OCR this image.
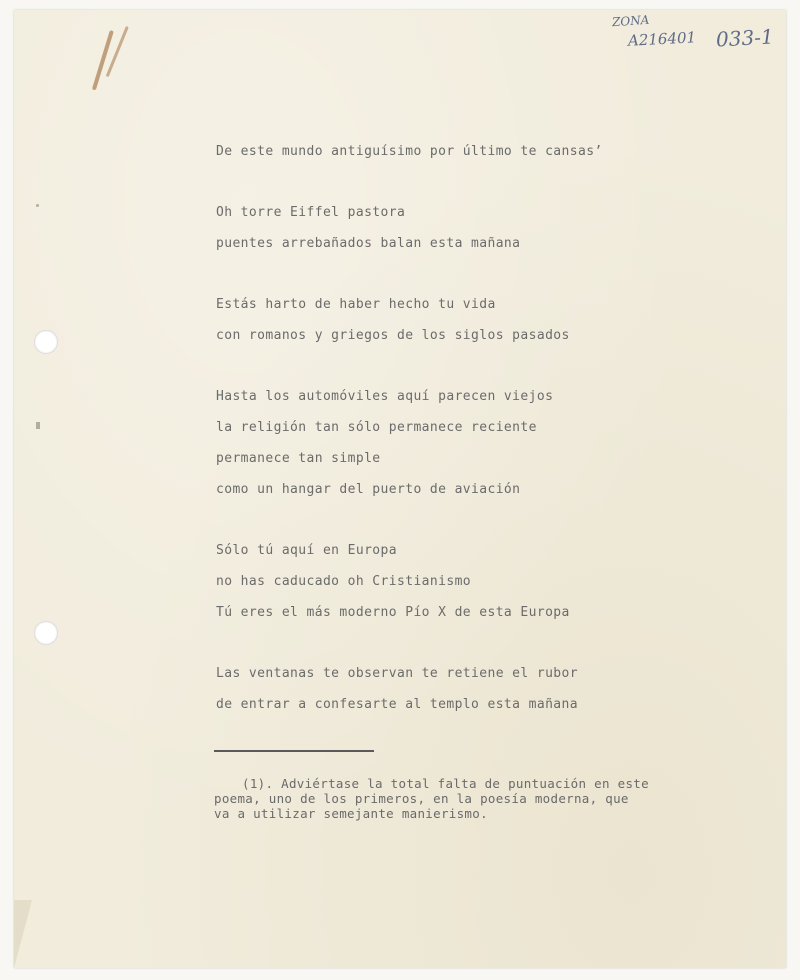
ZONA
A216401 033-1
De este mundo antiguísimo por último te cansas’
Oh torre Eiffel pastora
puentes arrebañados balan esta mañana
Estás harto de haber hecho tu vida
con romanos y griegos de los siglos pasados
Hasta los automóviles aquí parecen viejos
la religión tan sólo permanece reciente
permanece tan simple
como un hangar del puerto de aviación
Sólo tú aquí en Europa
no has caducado oh Cristianismo
Tú eres el más moderno Pío X de esta Europa
Las ventanas te observan te retiene el rubor
de entrar a confesarte al templo esta mañana
(1). Adviértase la total falta de puntuación en este
poema, uno de los primeros, en la poesía moderna, que
va a utilizar semejante manierismo.
